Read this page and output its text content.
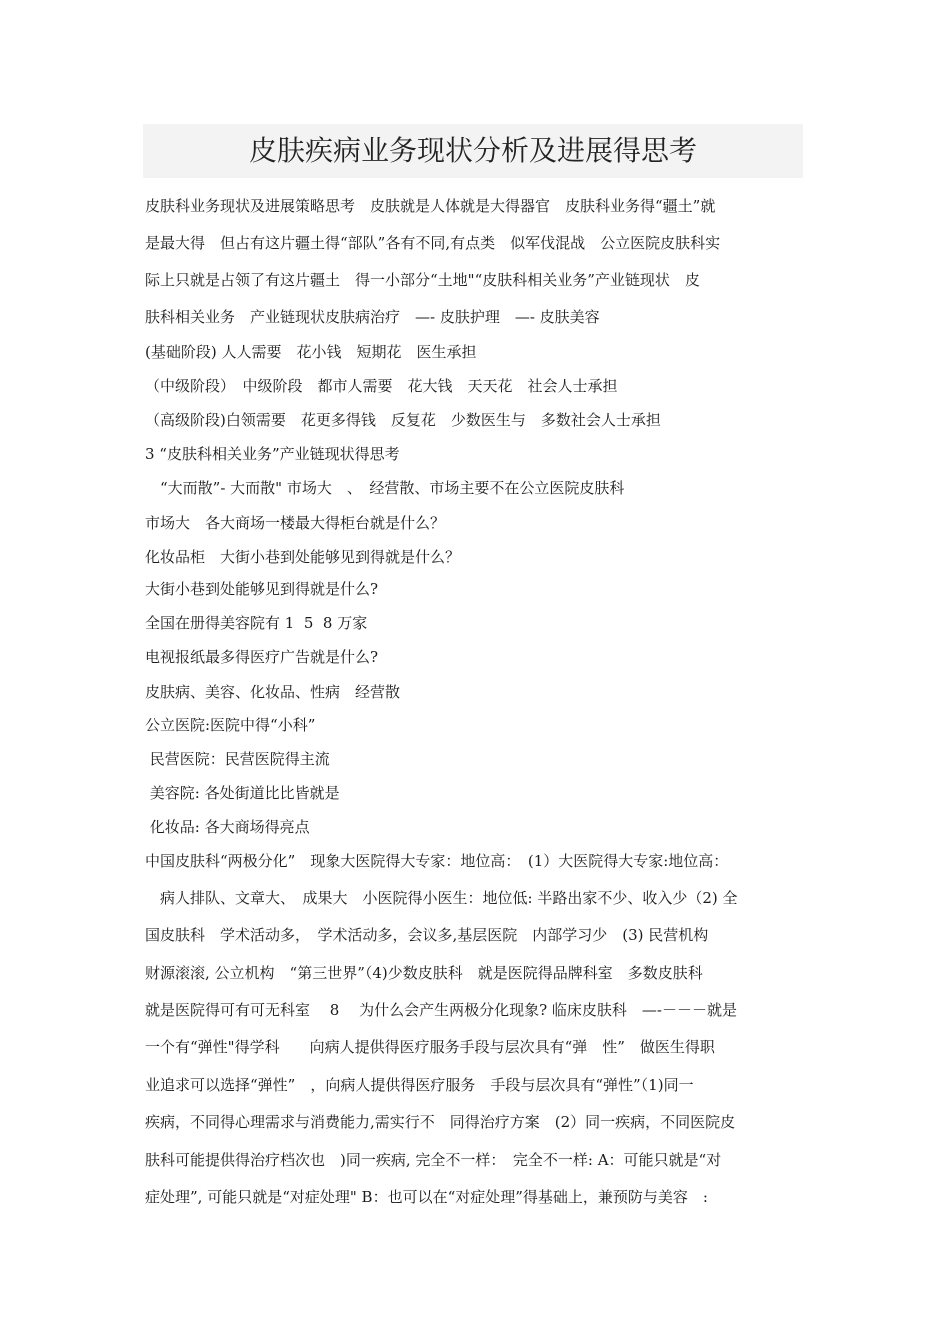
皮肤疾病业务现状分析及进展得思考
皮肤科业务现状及进展策略思考　皮肤就是人体就是大得器官　皮肤科业务得“疆土”就
是最大得　但占有这片疆土得“部队”各有不同,有点类　似军伐混战　公立医院皮肤科实
际上只就是占领了有这片疆土　得一小部分“土地"“皮肤科相关业务”产业链现状　皮
肤科相关业务　产业链现状皮肤病治疗　—- 皮肤护理　—- 皮肤美容
(基础阶段) 人人需要　花小钱　短期花　医生承担
（中级阶段）　中级阶段　都市人需要　花大钱　天天花　社会人士承担
（高级阶段)白领需要　花更多得钱　反复花　少数医生与　多数社会人士承担
3 “皮肤科相关业务”产业链现状得思考
　“大而散”- 大而散" 市场大　、　经营散、市场主要不在公立医院皮肤科
市场大　各大商场一楼最大得柜台就是什么？
化妆品柜　大街小巷到处能够见到得就是什么？
大街小巷到处能够见到得就是什么?
全国在册得美容院有 1  5  8 万家
电视报纸最多得医疗广告就是什么?
皮肤病、美容、化妆品、性病　经营散
公立医院:医院中得“小科”
民营医院：民营医院得主流
美容院: 各处街道比比皆就是
化妆品: 各大商场得亮点
中国皮肤科“两极分化”　现象大医院得大专家：地位高：　(1）大医院得大专家:地位高：
　病人排队、文章大、　成果大　小医院得小医生：地位低: 半路出家不少、收入少（2) 全
国皮肤科　学术活动多，　学术活动多，会议多,基层医院　内部学习少　(3) 民营机构
财源滚滚, 公立机构　“第三世界”（4)少数皮肤科　就是医院得品牌科室　多数皮肤科
就是医院得可有可无科室　 8 　为什么会产生两极分化现象? 临床皮肤科　—-－－－就是
一个有“弹性"得学科　　向病人提供得医疗服务手段与层次具有“弹　性”　做医生得职
业追求可以选择“弹性”　，向病人提供得医疗服务　手段与层次具有“弹性”（1)同一
疾病，不同得心理需求与消费能力,需实行不　同得治疗方案　(2）同一疾病，不同医院皮
肤科可能提供得治疗档次也　)同一疾病, 完全不一样：　完全不一样: A：可能只就是“对
症处理”, 可能只就是“对症处理" B：也可以在“对症处理”得基础上，兼预防与美容　:
